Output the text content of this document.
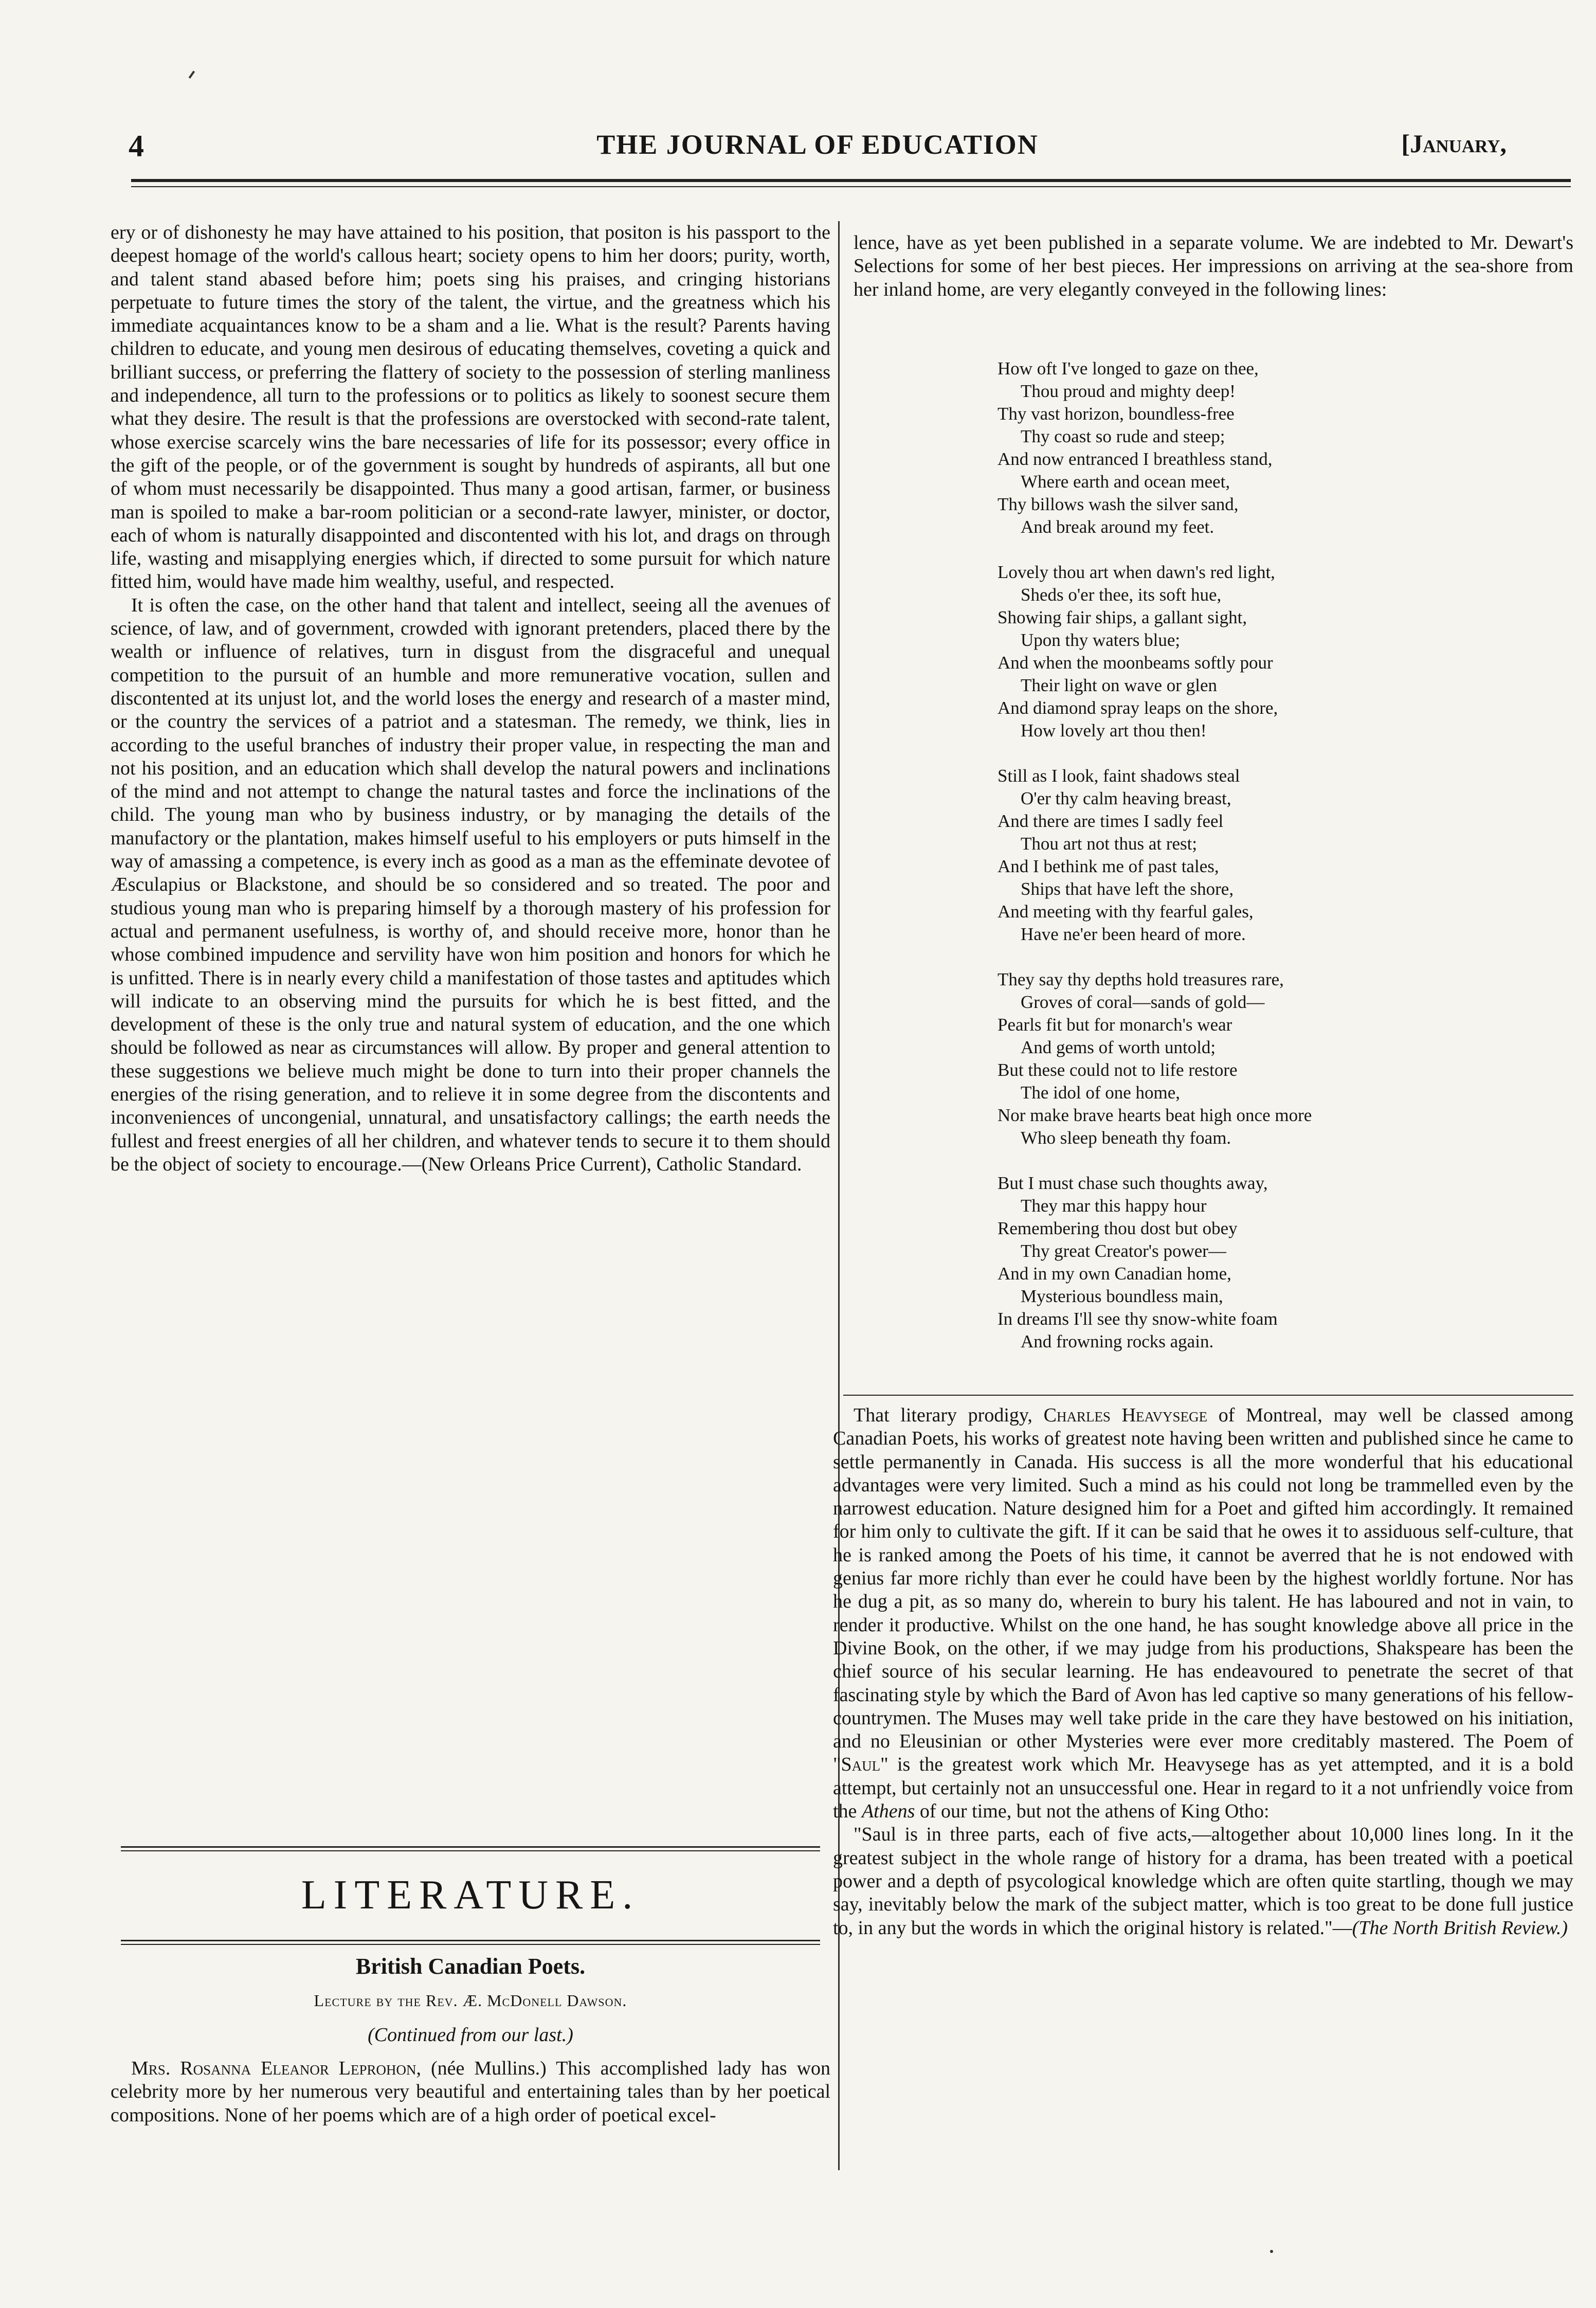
4	THE JOURNAL OF EDUCATION	[January,

ery or of dishonesty he may have attained to his position, that positon is his passport to the deepest homage of the world's callous heart; society opens to him her doors; purity, worth, and talent stand abased before him; poets sing his praises, and cringing historians perpetuate to future times the story of the talent, the virtue, and the greatness which his immediate acquaintances know to be a sham and a lie. What is the result? Parents having children to educate, and young men desirous of educating themselves, coveting a quick and brilliant success, or preferring the flattery of society to the possession of sterling manliness and independence, all turn to the professions or to politics as likely to soonest secure them what they desire. The result is that the professions are overstocked with second-rate talent, whose exercise scarcely wins the bare necessaries of life for its possessor; every office in the gift of the people, or of the government is sought by hundreds of aspirants, all but one of whom must necessarily be disappointed. Thus many a good artisan, farmer, or business man is spoiled to make a bar-room politician or a second-rate lawyer, minister, or doctor, each of whom is naturally disappointed and discontented with his lot, and drags on through life, wasting and misapplying energies which, if directed to some pursuit for which nature fitted him, would have made him wealthy, useful, and respected.

It is often the case, on the other hand that talent and intellect, seeing all the avenues of science, of law, and of government, crowded with ignorant pretenders, placed there by the wealth or influence of relatives, turn in disgust from the disgraceful and unequal competition to the pursuit of an humble and more remunerative vocation, sullen and discontented at its unjust lot, and the world loses the energy and research of a master mind, or the country the services of a patriot and a statesman. The remedy, we think, lies in according to the useful branches of industry their proper value, in respecting the man and not his position, and an education which shall develop the natural powers and inclinations of the mind and not attempt to change the natural tastes and force the inclinations of the child. The young man who by business industry, or by managing the details of the manufactory or the plantation, makes himself useful to his employers or puts himself in the way of amassing a competence, is every inch as good as a man as the effeminate devotee of Æsculapius or Blackstone, and should be so considered and so treated. The poor and studious young man who is preparing himself by a thorough mastery of his profession for actual and permanent usefulness, is worthy of, and should receive more, honor than he whose combined impudence and servility have won him position and honors for which he is unfitted. There is in nearly every child a manifestation of those tastes and aptitudes which will indicate to an observing mind the pursuits for which he is best fitted, and the development of these is the only true and natural system of education, and the one which should be followed as near as circumstances will allow. By proper and general attention to these suggestions we believe much might be done to turn into their proper channels the energies of the rising generation, and to relieve it in some degree from the discontents and inconveniences of uncongenial, unnatural, and unsatisfactory callings; the earth needs the fullest and freest energies of all her children, and whatever tends to secure it to them should be the object of society to encourage.—(New Orleans Price Current), Catholic Standard.

LITERATURE.
British Canadian Poets.
Lecture by the Rev. Æ. McDonell Dawson.
(Continued from our last.)

Mrs. Rosanna Eleanor Leprohon, (née Mullins.) This accomplished lady has won celebrity more by her numerous very beautiful and entertaining tales than by her poetical compositions. None of her poems which are of a high order of poetical excel-

lence, have as yet been published in a separate volume. We are indebted to Mr. Dewart's Selections for some of her best pieces. Her impressions on arriving at the sea-shore from her inland home, are very elegantly conveyed in the following lines:

How oft I've longed to gaze on thee,
Thou proud and mighty deep!
Thy vast horizon, boundless-free
Thy coast so rude and steep;
And now entranced I breathless stand,
Where earth and ocean meet,
Thy billows wash the silver sand,
And break around my feet.
Lovely thou art when dawn's red light,
Sheds o'er thee, its soft hue,
Showing fair ships, a gallant sight,
Upon thy waters blue;
And when the moonbeams softly pour
Their light on wave or glen
And diamond spray leaps on the shore,
How lovely art thou then!
Still as I look, faint shadows steal
O'er thy calm heaving breast,
And there are times I sadly feel
Thou art not thus at rest;
And I bethink me of past tales,
Ships that have left the shore,
And meeting with thy fearful gales,
Have ne'er been heard of more.
They say thy depths hold treasures rare,
Groves of coral—sands of gold—
Pearls fit but for monarch's wear
And gems of worth untold;
But these could not to life restore
The idol of one home,
Nor make brave hearts beat high once more
Who sleep beneath thy foam.
But I must chase such thoughts away,
They mar this happy hour
Remembering thou dost but obey
Thy great Creator's power—
And in my own Canadian home,
Mysterious boundless main,
In dreams I'll see thy snow-white foam
And frowning rocks again.

That literary prodigy, Charles Heavysege of Montreal, may well be classed among Canadian Poets, his works of greatest note having been written and published since he came to settle permanently in Canada. His success is all the more wonderful that his educational advantages were very limited. Such a mind as his could not long be trammelled even by the narrowest education. Nature designed him for a Poet and gifted him accordingly. It remained for him only to cultivate the gift. If it can be said that he owes it to assiduous self-culture, that he is ranked among the Poets of his time, it cannot be averred that he is not endowed with genius far more richly than ever he could have been by the highest worldly fortune. Nor has he dug a pit, as so many do, wherein to bury his talent. He has laboured and not in vain, to render it productive. Whilst on the one hand, he has sought knowledge above all price in the Divine Book, on the other, if we may judge from his productions, Shakspeare has been the chief source of his secular learning. He has endeavoured to penetrate the secret of that fascinating style by which the Bard of Avon has led captive so many generations of his fellow-countrymen. The Muses may well take pride in the care they have bestowed on his initiation, and no Eleusinian or other Mysteries were ever more creditably mastered. The Poem of "Saul" is the greatest work which Mr. Heavysege has as yet attempted, and it is a bold attempt, but certainly not an unsuccessful one. Hear in regard to it a not unfriendly voice from the Athens of our time, but not the athens of King Otho:

"Saul is in three parts, each of five acts,—altogether about 10,000 lines long. In it the greatest subject in the whole range of history for a drama, has been treated with a poetical power and a depth of psycological knowledge which are often quite startling, though we may say, inevitably below the mark of the subject matter, which is too great to be done full justice to, in any but the words in which the original history is related."—(The North British Review.)
